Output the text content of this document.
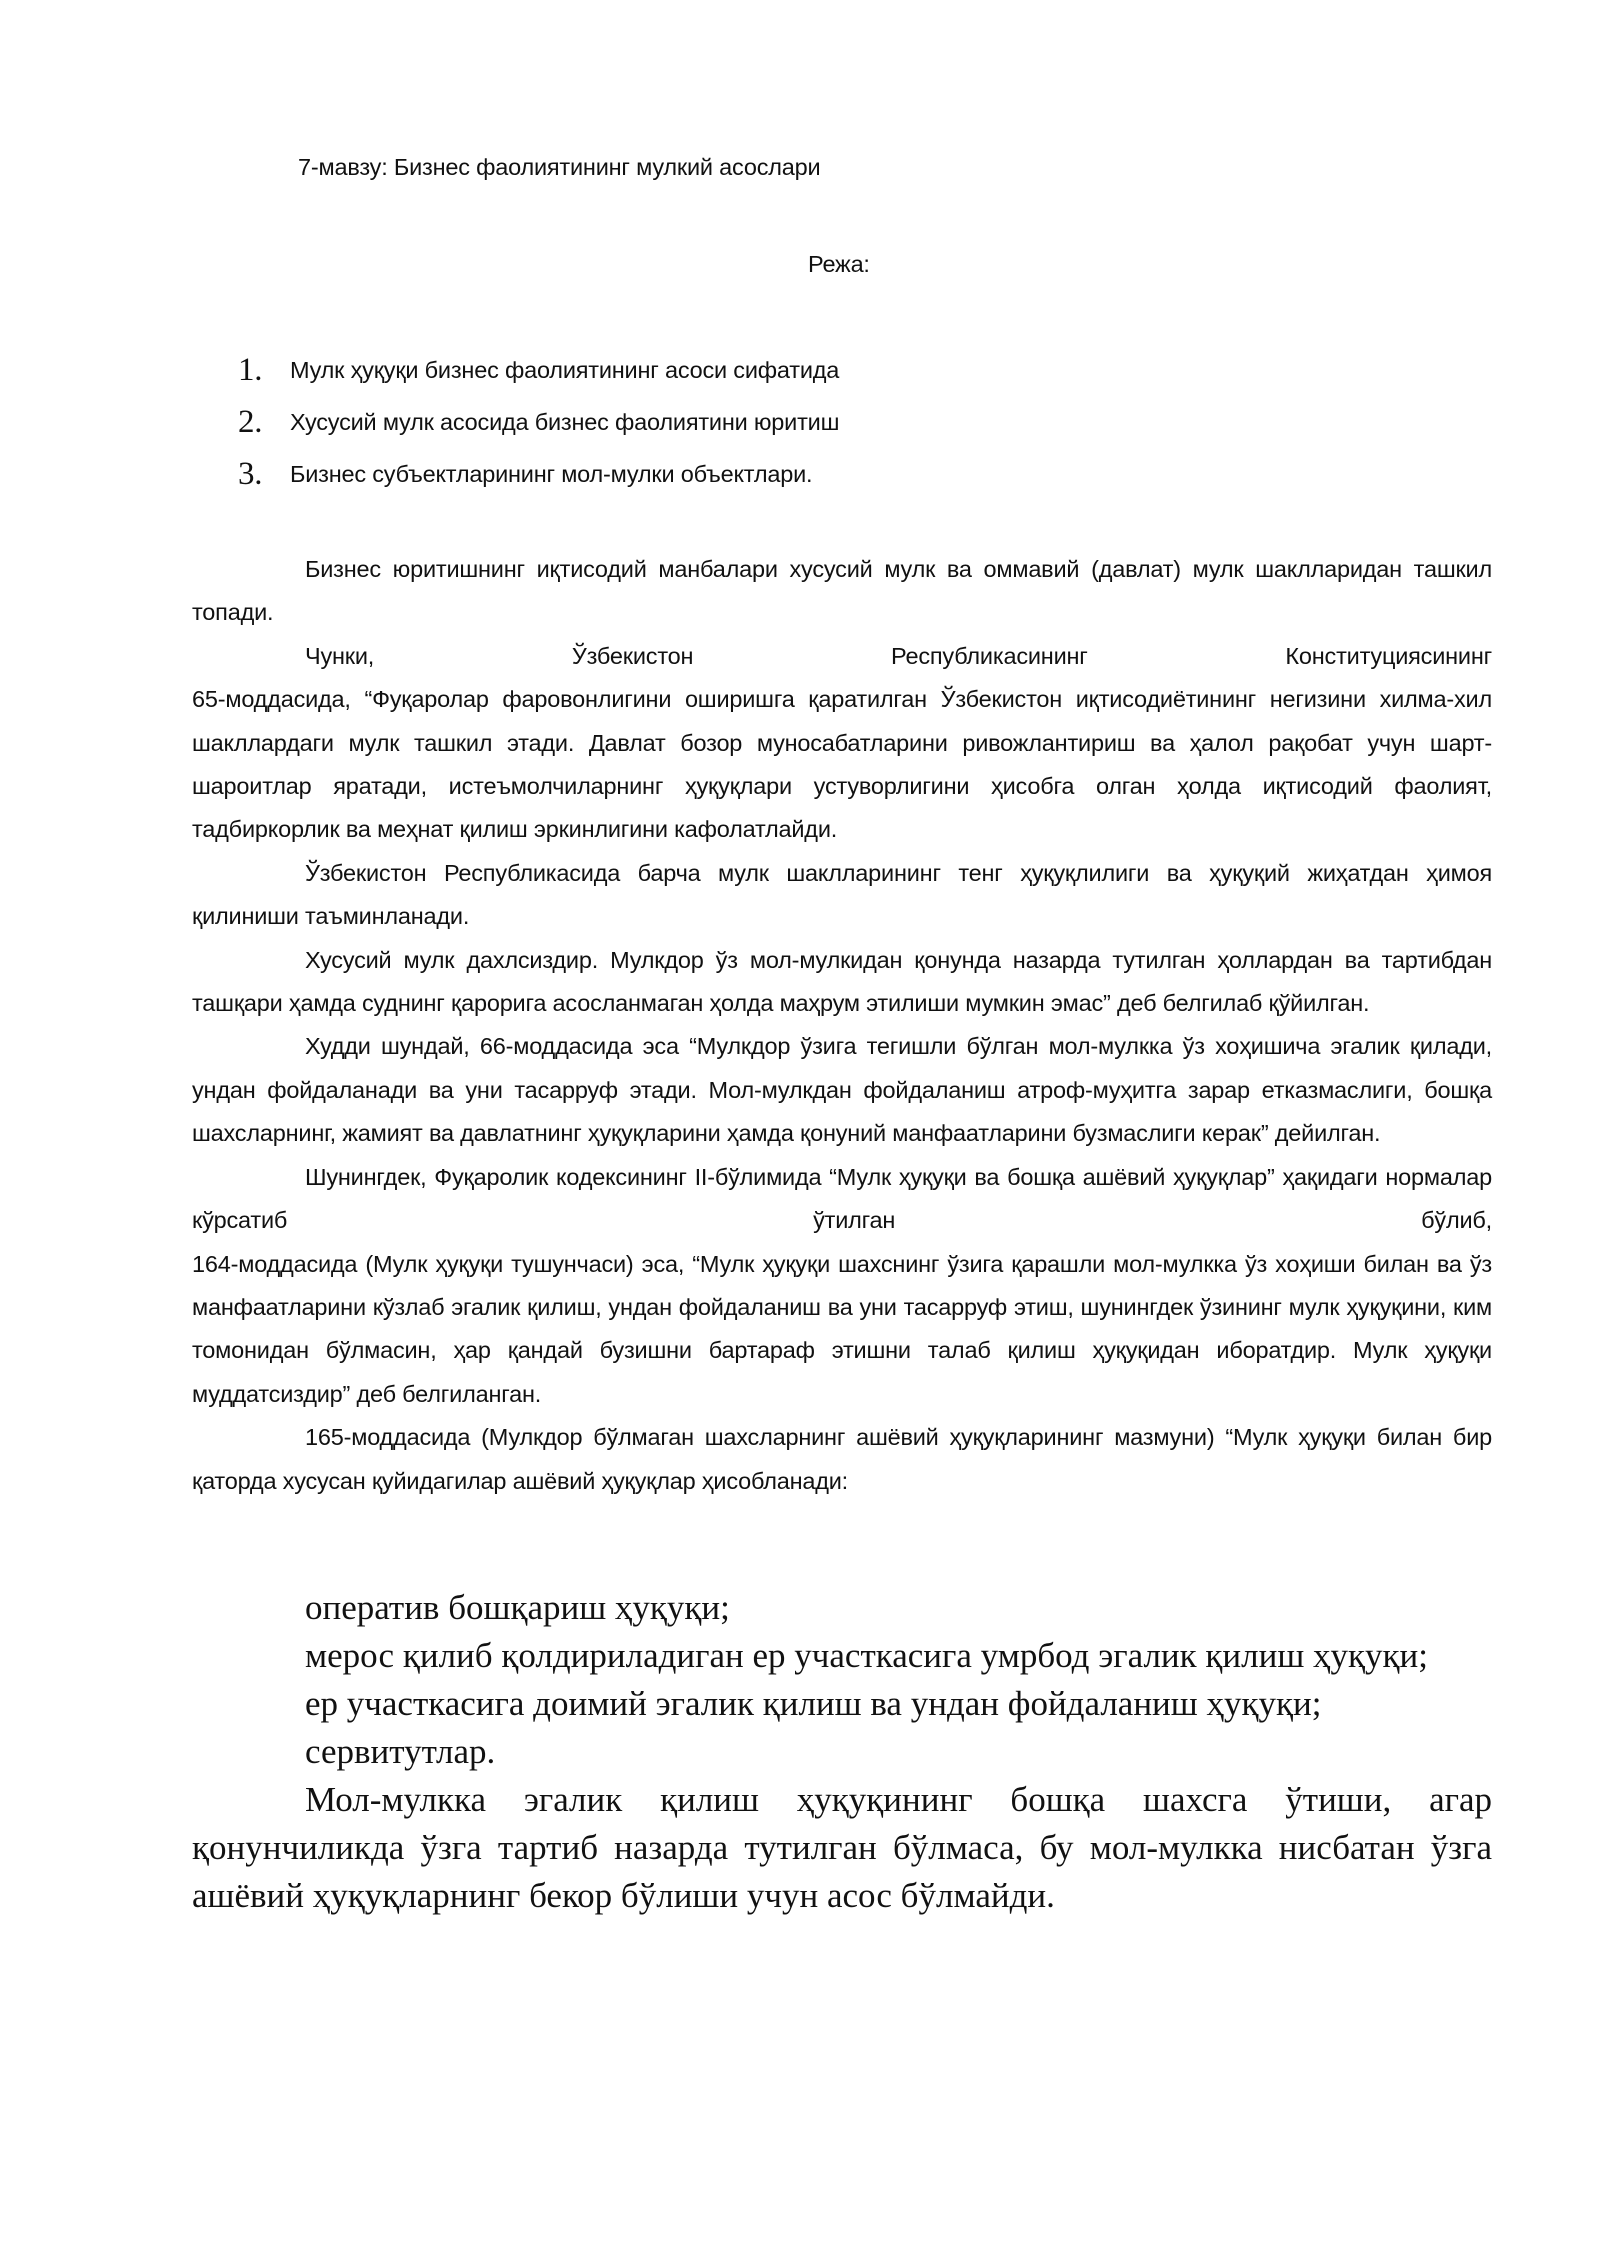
7-мавзу: Бизнес фаолиятининг мулкий асослари

Режа:

1. Мулк ҳуқуқи бизнес фаолиятининг асоси сифатида
2. Хусусий мулк асосида бизнес фаолиятини юритиш
3. Бизнес субъектларининг мол-мулки объектлари.

Бизнес юритишнинг иқтисодий манбалари хусусий мулк ва оммавий (давлат) мулк шаклларидан ташкил топади.

Чунки, Ўзбекистон Республикасининг Конституциясининг

65-моддасида, “Фуқаролар фаровонлигини оширишга қаратилган Ўзбекистон иқтисодиётининг негизини хилма-хил шакллардаги мулк ташкил этади. Давлат бозор муносабатларини ривожлантириш ва ҳалол рақобат учун шарт-шароитлар яратади, истеъмолчиларнинг ҳуқуқлари устуворлигини ҳисобга олган ҳолда иқтисодий фаолият, тадбиркорлик ва меҳнат қилиш эркинлигини кафолатлайди.

Ўзбекистон Республикасида барча мулк шаклларининг тенг ҳуқуқлилиги ва ҳуқуқий жиҳатдан ҳимоя қилиниши таъминланади.

Хусусий мулк дахлсиздир. Мулкдор ўз мол-мулкидан қонунда назарда тутилган ҳоллардан ва тартибдан ташқари ҳамда суднинг қарорига асосланмаган ҳолда маҳрум этилиши мумкин эмас” деб белгилаб қўйилган.

Худди шундай, 66-моддасида эса “Мулкдор ўзига тегишли бўлган мол-мулкка ўз хоҳишича эгалик қилади, ундан фойдаланади ва уни тасарруф этади. Мол-мулкдан фойдаланиш атроф-муҳитга зарар етказмаслиги, бошқа шахсларнинг, жамият ва давлатнинг ҳуқуқларини ҳамда қонуний манфаатларини бузмаслиги керак” дейилган.

Шунингдек, Фуқаролик кодексининг II-бўлимида “Мулк ҳуқуқи ва бошқа ашёвий ҳуқуқлар” ҳақидаги нормалар кўрсатиб ўтилган бўлиб,

164-моддасида (Мулк ҳуқуқи тушунчаси) эса, “Мулк ҳуқуқи шахснинг ўзига қарашли мол-мулкка ўз хоҳиши билан ва ўз манфаатларини кўзлаб эгалик қилиш, ундан фойдаланиш ва уни тасарруф этиш, шунингдек ўзининг мулк ҳуқуқини, ким томонидан бўлмасин, ҳар қандай бузишни бартараф этишни талаб қилиш ҳуқуқидан иборатдир. Мулк ҳуқуқи муддатсиздир” деб белгиланган.

165-моддасида (Мулкдор бўлмаган шахсларнинг ашёвий ҳуқуқларининг мазмуни) “Мулк ҳуқуқи билан бир қаторда хусусан қуйидагилар ашёвий ҳуқуқлар ҳисобланади:

оператив бошқариш ҳуқуқи;

мерос қилиб қолдириладиган ер участкасига умрбод эгалик қилиш ҳуқуқи;

ер участкасига доимий эгалик қилиш ва ундан фойдаланиш ҳуқуқи;

сервитутлар.

Мол-мулкка эгалик қилиш ҳуқуқининг бошқа шахсга ўтиши, агар қонунчиликда ўзга тартиб назарда тутилган бўлмаса, бу мол-мулкка нисбатан ўзга ашёвий ҳуқуқларнинг бекор бўлиши учун асос бўлмайди.
